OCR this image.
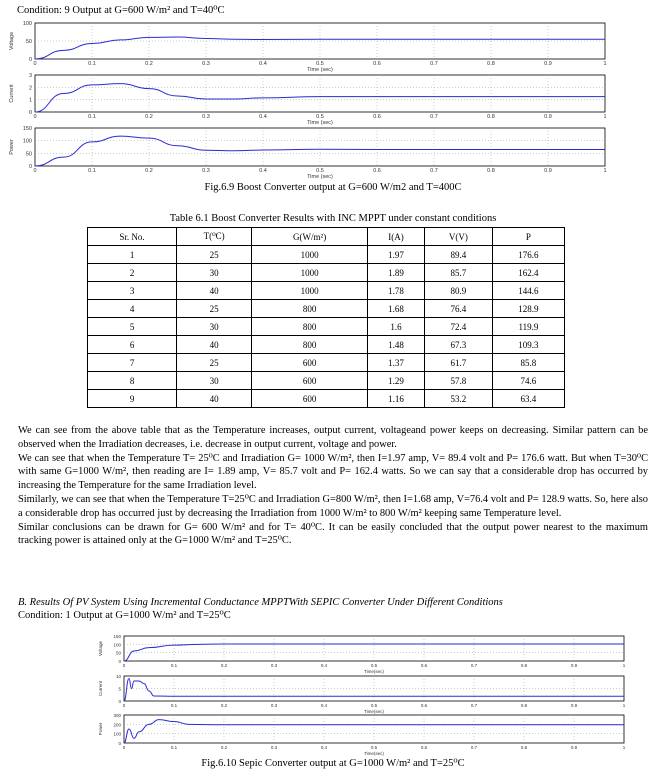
Condition: 9 Output at G=600 W/m² and T=40⁰C
0	0.1	0.2	0.3	0.4	0.5	0.6	0.7	0.8	0.9	1
0
50
100
Voltage
Time (sec)
0	0.1	0.2	0.3	0.4	0.5	0.6	0.7	0.8	0.9	1
0
1
2
3
Current
Time (sec)
0	0.1	0.2	0.3	0.4	0.5	0.6	0.7	0.8	0.9	1
0
50
100
150
Power
Time (sec)
0	0.1	0.2	0.3	0.4	0.5	0.6	0.7	0.8	0.9	1
0
50
100
150
Voltage
Time(sec)
0	0.1	0.2	0.3	0.4	0.5	0.6	0.7	0.8	0.9	1
0
5
10
Current
Time(sec)
0	0.1	0.2	0.3	0.4	0.5	0.6	0.7	0.8	0.9	1
0
100
200
300
Power
Time(sec)
Fig.6.9 Boost Converter output at G=600 W/m2 and T=400C
Table 6.1 Boost Converter Results with INC MPPT under constant conditions
Sr. No.	T(⁰C)	G(W/m²)	I(A)	V(V)	P
1	25	1000	1.97	89.4	176.6
2	30	1000	1.89	85.7	162.4
3	40	1000	1.78	80.9	144.6
4	25	800	1.68	76.4	128.9
5	30	800	1.6	72.4	119.9
6	40	800	1.48	67.3	109.3
7	25	600	1.37	61.7	85.8
8	30	600	1.29	57.8	74.6
9	40	600	1.16	53.2	63.4

We can see from the above table that as the Temperature increases, output current, voltageand power keeps on decreasing. Similar pattern can be observed when the Irradiation decreases, i.e. decrease in output current, voltage and power.

We can see that when the Temperature T= 25⁰C and Irradiation G= 1000 W/m², then I=1.97 amp, V= 89.4 volt and P= 176.6 watt. But when T=30⁰C with same G=1000 W/m², then reading are I= 1.89 amp, V= 85.7 volt and P= 162.4 watts. So we can say that a considerable drop has occurred by increasing the Temperature for the same Irradiation level.

Similarly, we can see that when the Temperature T=25⁰C and Irradiation G=800 W/m², then I=1.68 amp, V=76.4 volt and P= 128.9 watts. So, here also a considerable drop has occurred just by decreasing the Irradiation from 1000 W/m² to 800 W/m² keeping same Temperature level.

Similar conclusions can be drawn for G= 600 W/m² and for T= 40⁰C. It can be easily concluded that the output power nearest to the maximum tracking power is attained only at the G=1000 W/m² and T=25⁰C.

B. Results Of PV System Using Incremental Conductance MPPTWith SEPIC Converter Under Different Conditions
Condition: 1 Output at G=1000 W/m² and T=25⁰C
Fig.6.10 Sepic Converter output at G=1000 W/m² and T=25⁰C
